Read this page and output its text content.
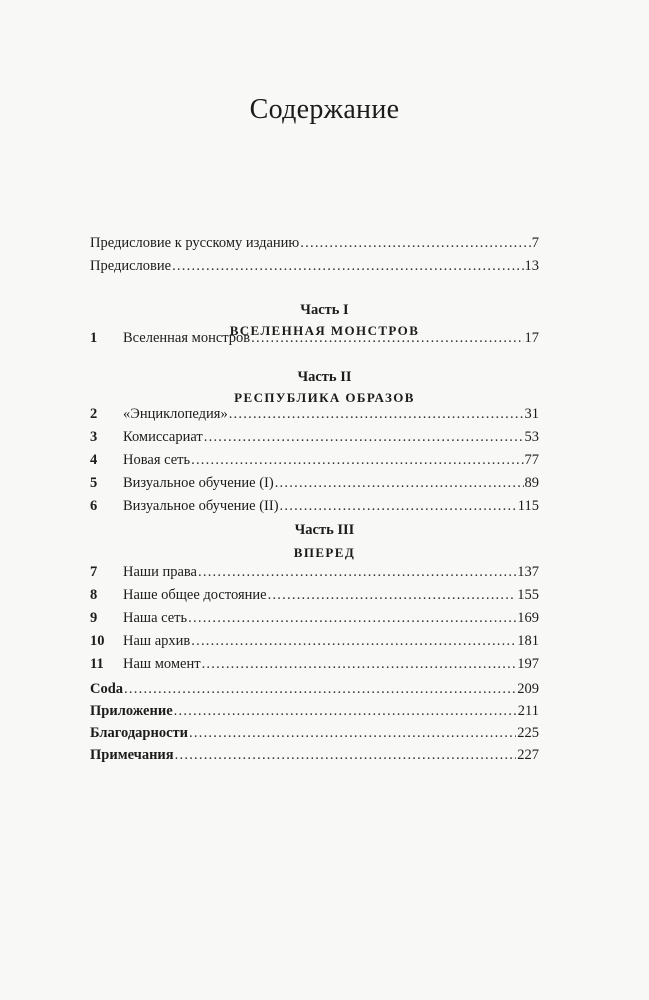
Содержание
Предисловие к русскому изданию . . .	7
Предисловие . . .	13
Часть I
ВСЕЛЕННАЯ МОНСТРОВ
1 Вселенная монстров . . .	17
Часть II
РЕСПУБЛИКА ОБРАЗОВ
2 «Энциклопедия» . . .	31
3 Комиссариат . . .	53
4 Новая сеть . . .	77
5 Визуальное обучение (I) . . .	89
6 Визуальное обучение (II) . . .	115
Часть III
ВПЕРЕД
7 Наши права . . .	137
8 Наше общее достояние . . .	155
9 Наша сеть . . .	169
10 Наш архив . . .	181
11 Наш момент . . .	197
Coda . . .	209
Приложение . . .	211
Благодарности . . .	225
Примечания . . .	227
